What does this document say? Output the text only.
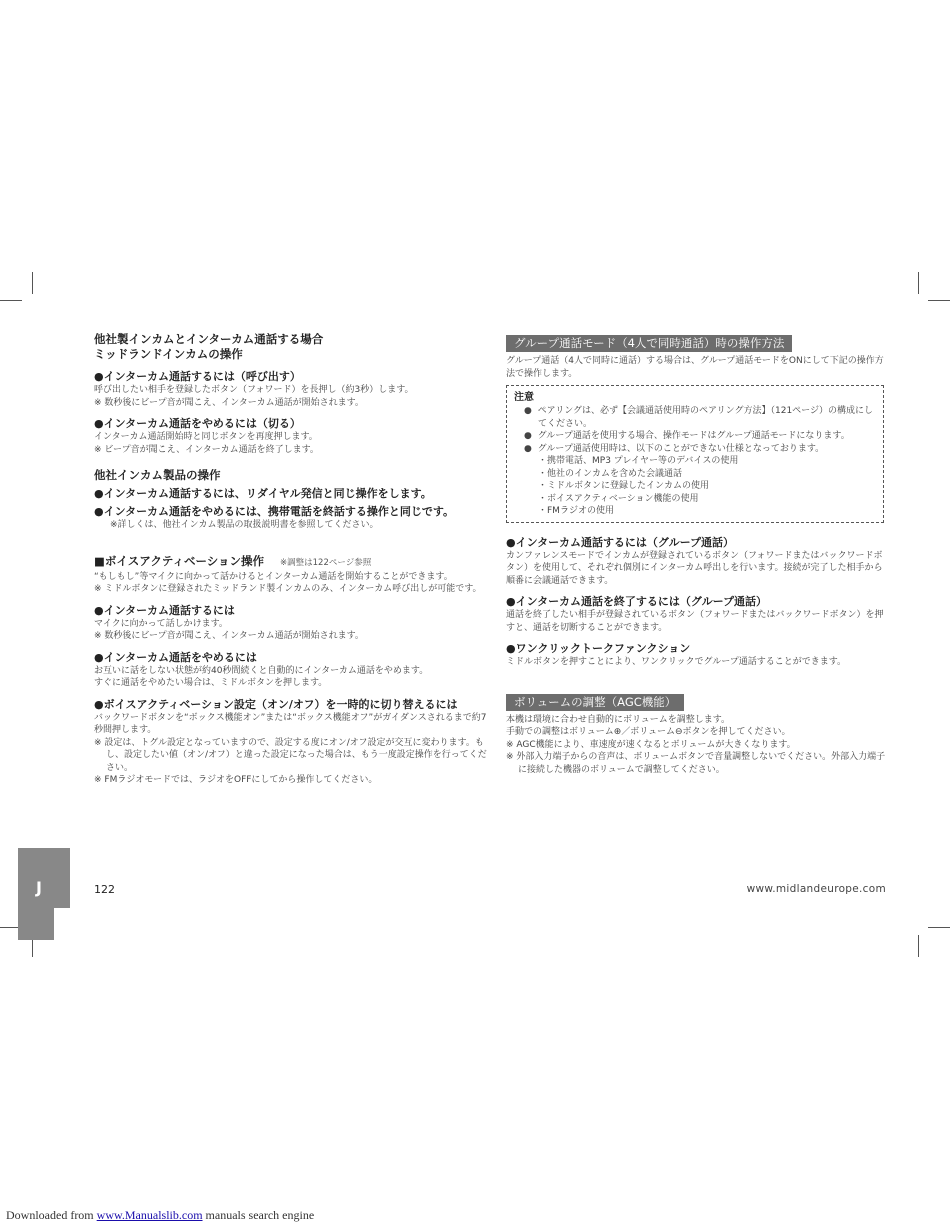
他社製インカムとインターカム通話する場合

ミッドランドインカムの操作

●インターカム通話するには（呼び出す）

呼び出したい相手を登録したボタン（フォワード）を長押し（約3秒）します。

※ 数秒後にビープ音が聞こえ、インターカム通話が開始されます。

●インターカム通話をやめるには（切る）

インターカム通話開始時と同じボタンを再度押します。

※ ビープ音が聞こえ、インターカム通話を終了します。

他社インカム製品の操作

●インターカム通話するには、リダイヤル発信と同じ操作をします。

●インターカム通話をやめるには、携帯電話を終話する操作と同じです。

※詳しくは、他社インカム製品の取扱説明書を参照してください。

■ボイスアクティベーション操作 ※調整は122ページ参照

“もしもし”等マイクに向かって話かけるとインターカム通話を開始することができます。

※ ミドルボタンに登録されたミッドランド製インカムのみ、インターカム呼び出しが可能です。

●インターカム通話するには

マイクに向かって話しかけます。

※ 数秒後にビープ音が聞こえ、インターカム通話が開始されます。

●インターカム通話をやめるには

お互いに話をしない状態が約40秒間続くと自動的にインターカム通話をやめます。

すぐに通話をやめたい場合は、ミドルボタンを押します。

●ボイスアクティベーション設定（オン/オフ）を一時的に切り替えるには

バックワードボタンを“ボックス機能オン”または“ボックス機能オフ”がガイダンスされるまで約7秒間押します。

※ 設定は、トグル設定となっていますので、設定する度にオン/オフ設定が交互に変わります。もし、設定したい値（オン/オフ）と違った設定になった場合は、もう一度設定操作を行ってください。

※ FMラジオモードでは、ラジオをOFFにしてから操作してください。

グループ通話モード（4人で同時通話）時の操作方法

グループ通話（4人で同時に通話）する場合は、グループ通話モードをONにして下記の操作方法で操作します。

注意

●  ペアリングは、必ず【会議通話使用時のペアリング方法】（121ページ）の構成にしてください。

●  グループ通話を使用する場合、操作モードはグループ通話モードになります。

●  グループ通話使用時は、以下のことができない仕様となっております。

・携帯電話、MP3 プレイヤー等のデバイスの使用

・他社のインカムを含めた会議通話

・ミドルボタンに登録したインカムの使用

・ボイスアクティベーション機能の使用

・FMラジオの使用

●インターカム通話するには（グループ通話）

カンファレンスモードでインカムが登録されているボタン（フォワードまたはバックワードボタン）を使用して、それぞれ個別にインターカム呼出しを行います。接続が完了した相手から順番に会議通話できます。

●インターカム通話を終了するには（グループ通話）

通話を終了したい相手が登録されているボタン（フォワードまたはバックワードボタン）を押すと、通話を切断することができます。

●ワンクリックトークファンクション

ミドルボタンを押すことにより、ワンクリックでグループ通話することができます。

ボリュームの調整（AGC機能）

本機は環境に合わせ自動的にボリュームを調整します。

手動での調整はボリューム⊕／ボリューム⊖ボタンを押してください。

※ AGC機能により、車速度が速くなるとボリュームが大きくなります。

※ 外部入力端子からの音声は、ボリュームボタンで音量調整しないでください。外部入力端子に接続した機器のボリュームで調整してください。

J	122	www.midlandeurope.com
Downloaded from www.Manualslib.com manuals search engine
